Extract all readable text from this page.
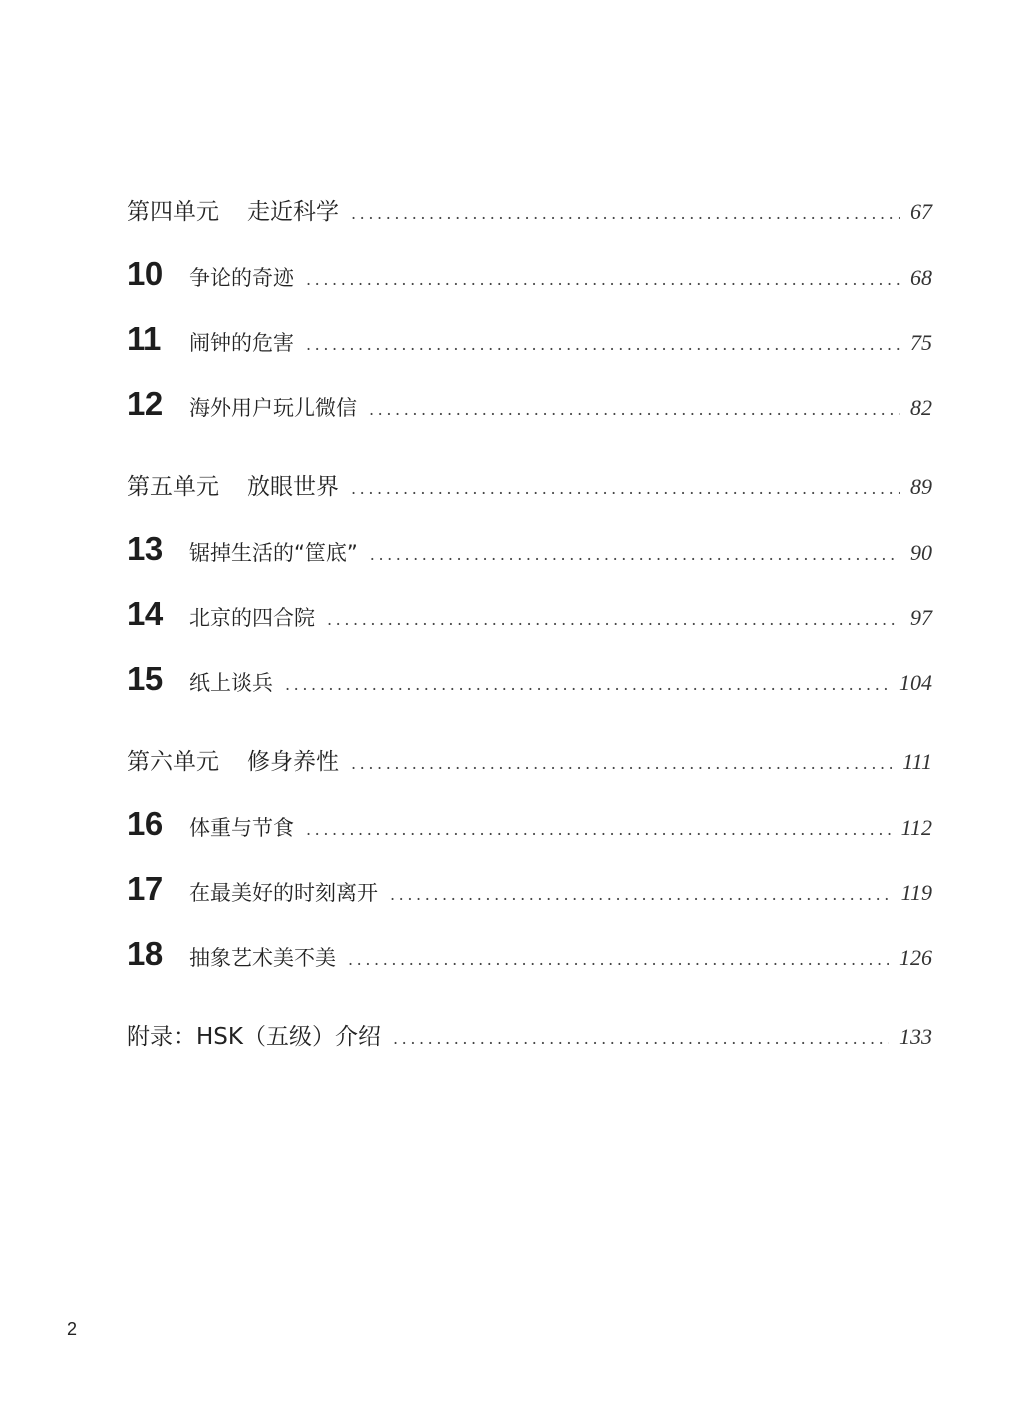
第四单元 走近科学 . . .	67
10	争论的奇迹 . . .	68
11	闹钟的危害 . . .	75
12	海外用户玩儿微信 . . .	82
第五单元 放眼世界 . . .	89
13	锯掉生活的“筐底” . . .	90
14	北京的四合院 . . .	97
15	纸上谈兵 . . .	104
第六单元 修身养性 . . .	111
16	体重与节食 . . .	112
17	在最美好的时刻离开 . . .	119
18	抽象艺术美不美 . . .	126
附录：HSK（五级）介绍 . . .	133
2
